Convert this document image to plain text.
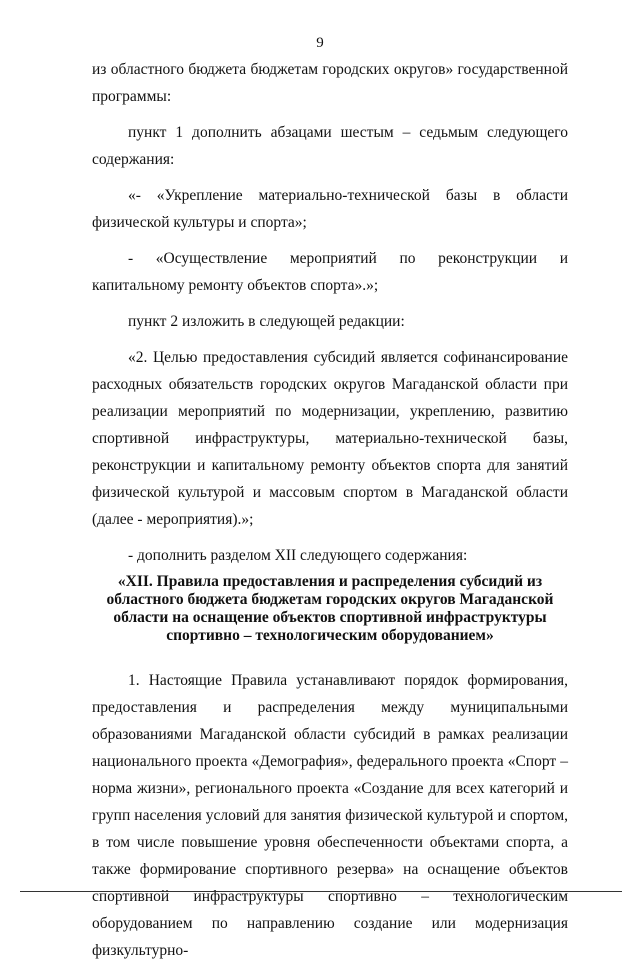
9

из областного бюджета бюджетам городских округов» государственной программы:

пункт 1 дополнить абзацами шестым – седьмым следующего содержания:

«- «Укрепление материально-технической базы в области физической культуры и спорта»;

- «Осуществление мероприятий по реконструкции и капитальному ремонту объектов спорта».»;

пункт 2 изложить в следующей редакции:

«2. Целью предоставления субсидий является софинансирование расходных обязательств городских округов Магаданской области при реализации мероприятий по модернизации, укреплению, развитию спортивной инфраструктуры, материально-технической базы, реконструкции и капитальному ремонту объектов спорта для занятий физической культурой и массовым спортом в Магаданской области (далее - мероприятия).»;

- дополнить разделом XII следующего содержания:

«XII. Правила предоставления и распределения субсидий из областного бюджета бюджетам городских округов Магаданской области на оснащение объектов спортивной инфраструктуры спортивно – технологическим оборудованием»

1. Настоящие Правила устанавливают порядок формирования, предоставления и распределения между муниципальными образованиями Магаданской области субсидий в рамках реализации национального проекта «Демография», федерального проекта «Спорт – норма жизни», регионального проекта «Создание для всех категорий и групп населения условий для занятия физической культурой и спортом, в том числе повышение уровня обеспеченности объектами спорта, а также формирование спортивного резерва» на оснащение объектов спортивной инфраструктуры спортивно – технологическим оборудованием по направлению создание или модернизация физкультурно-
